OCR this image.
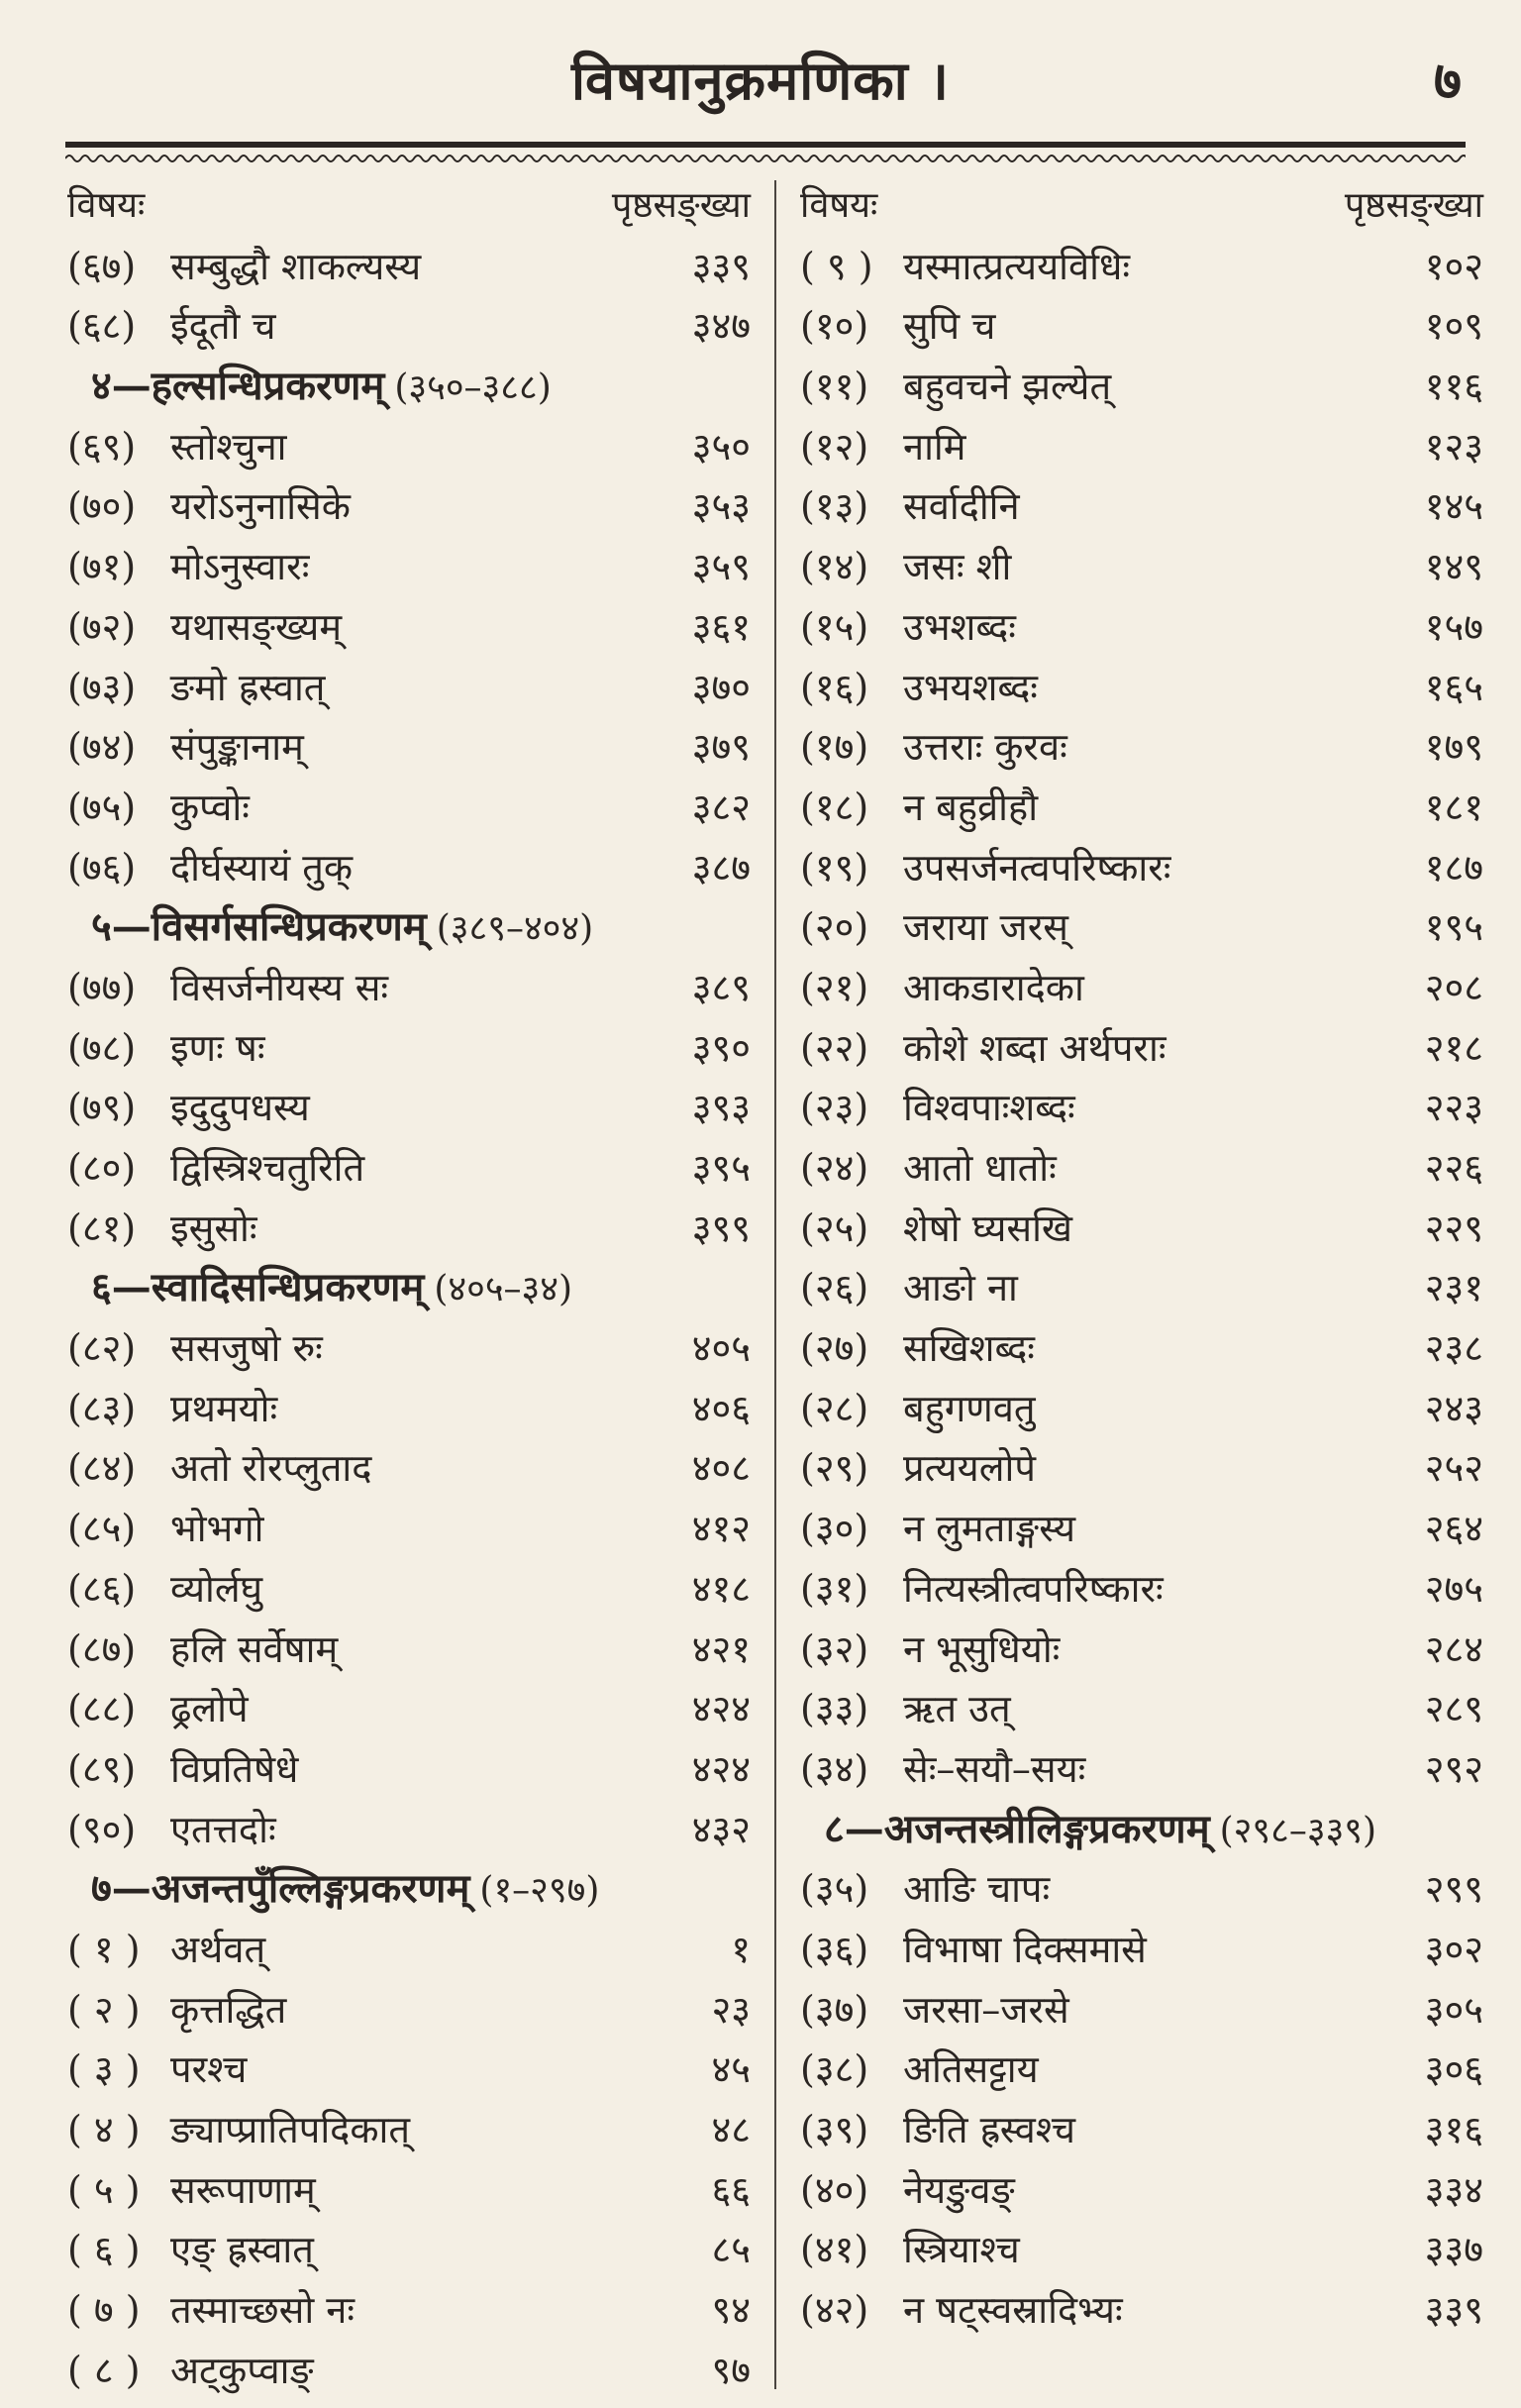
विषयानुक्रमणिका ।	७
विषयः	पृष्ठसङ्ख्या
(६७) सम्बुद्धौ शाकल्यस्य	३३९
(६८) ईदूतौ च	३४७
४—हल्सन्धिप्रकरणम् (३५०–३८८)
(६९) स्तोश्चुना	३५०
(७०) यरोऽनुनासिके	३५३
(७१) मोऽनुस्वारः	३५९
(७२) यथासङ्ख्यम्	३६१
(७३) ङमो ह्रस्वात्	३७०
(७४) संपुङ्कानाम्	३७९
(७५) कुप्वोः	३८२
(७६) दीर्घस्यायं तुक्	३८७
५—विसर्गसन्धिप्रकरणम् (३८९–४०४)
(७७) विसर्जनीयस्य सः	३८९
(७८) इणः षः	३९०
(७९) इदुदुपधस्य	३९३
(८०) द्विस्त्रिश्चतुरिति	३९५
(८१) इसुसोः	३९९
६—स्वादिसन्धिप्रकरणम् (४०५–३४)
(८२) ससजुषो रुः	४०५
(८३) प्रथमयोः	४०६
(८४) अतो रोरप्लुताद	४०८
(८५) भोभगो	४१२
(८६) व्योर्लघु	४१८
(८७) हलि सर्वेषाम्	४२१
(८८) ढ्रलोपे	४२४
(८९) विप्रतिषेधे	४२४
(९०) एतत्तदोः	४३२
७—अजन्तपुँल्लिङ्गप्रकरणम् (१–२९७)
( १ ) अर्थवत्	१
( २ ) कृत्तद्धित	२३
( ३ ) परश्च	४५
( ४ ) ङ्याप्प्रातिपदिकात्	४८
( ५ ) सरूपाणाम्	६६
( ६ ) एङ् ह्रस्वात्	८५
( ७ ) तस्माच्छसो नः	९४
( ८ ) अट्कुप्वाङ्	९७
विषयः	पृष्ठसङ्ख्या
( ९ ) यस्मात्प्रत्ययविधिः	१०२
(१०) सुपि च	१०९
(११) बहुवचने झल्येत्	११६
(१२) नामि	१२३
(१३) सर्वादीनि	१४५
(१४) जसः शी	१४९
(१५) उभशब्दः	१५७
(१६) उभयशब्दः	१६५
(१७) उत्तराः कुरवः	१७९
(१८) न बहुव्रीहौ	१८१
(१९) उपसर्जनत्वपरिष्कारः	१८७
(२०) जराया जरस्	१९५
(२१) आकडारादेका	२०८
(२२) कोशे शब्दा अर्थपराः	२१८
(२३) विश्वपाःशब्दः	२२३
(२४) आतो धातोः	२२६
(२५) शेषो घ्यसखि	२२९
(२६) आङो ना	२३१
(२७) सखिशब्दः	२३८
(२८) बहुगणवतु	२४३
(२९) प्रत्ययलोपे	२५२
(३०) न लुमताङ्गस्य	२६४
(३१) नित्यस्त्रीत्वपरिष्कारः	२७५
(३२) न भूसुधियोः	२८४
(३३) ऋत उत्	२८९
(३४) सेः–सयौ–सयः	२९२
८—अजन्तस्त्रीलिङ्गप्रकरणम् (२९८–३३९)
(३५) आङि चापः	२९९
(३६) विभाषा दिक्समासे	३०२
(३७) जरसा–जरसे	३०५
(३८) अतिसट्टाय	३०६
(३९) ङिति ह्रस्वश्च	३१६
(४०) नेयङुवङ्	३३४
(४१) स्त्रियाश्च	३३७
(४२) न षट्स्वस्रादिभ्यः	३३९
